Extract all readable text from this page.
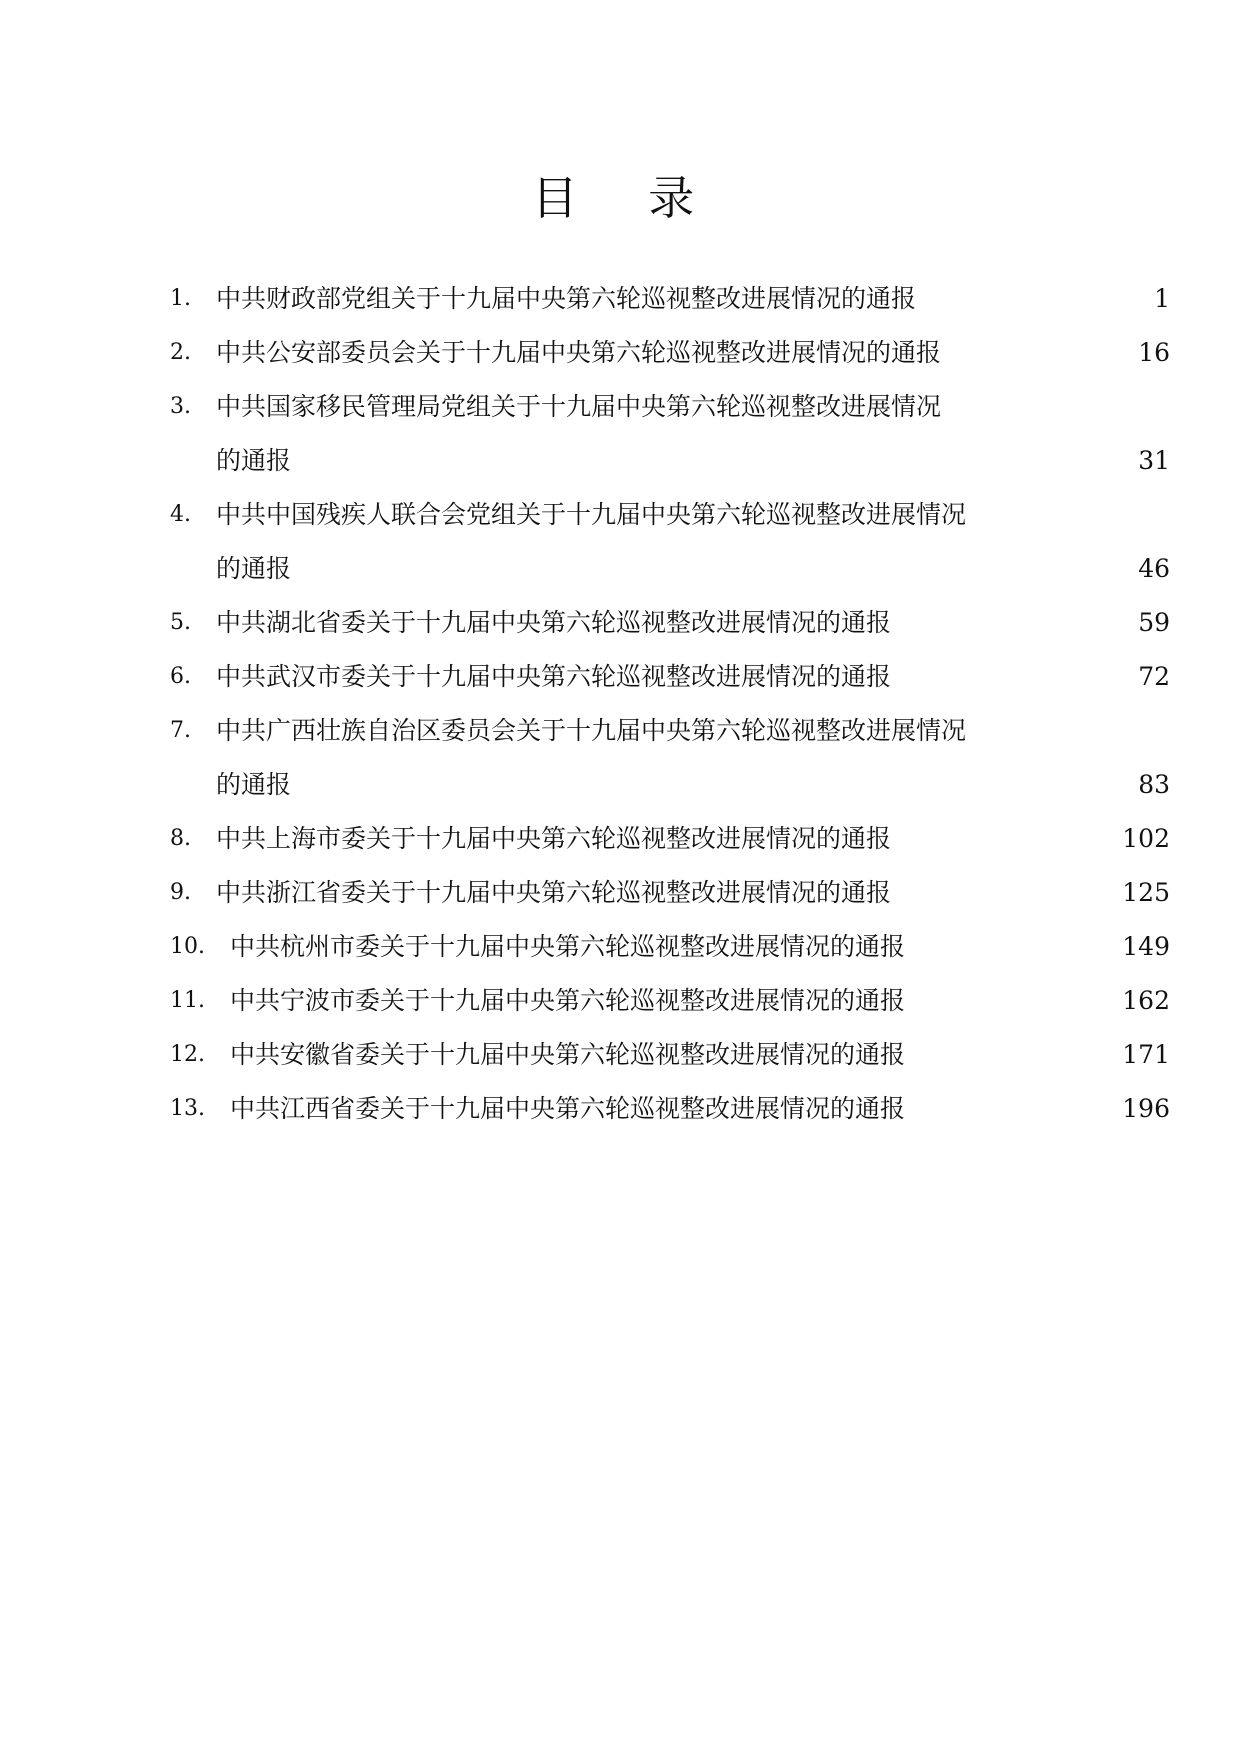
目 录
1. 中共财政部党组关于十九届中央第六轮巡视整改进展情况的通报	1
2. 中共公安部委员会关于十九届中央第六轮巡视整改进展情况的通报	16
3. 中共国家移民管理局党组关于十九届中央第六轮巡视整改进展情况
的通报	31
4. 中共中国残疾人联合会党组关于十九届中央第六轮巡视整改进展情况
的通报	46
5. 中共湖北省委关于十九届中央第六轮巡视整改进展情况的通报	59
6. 中共武汉市委关于十九届中央第六轮巡视整改进展情况的通报	72
7. 中共广西壮族自治区委员会关于十九届中央第六轮巡视整改进展情况
的通报	83
8. 中共上海市委关于十九届中央第六轮巡视整改进展情况的通报	102
9. 中共浙江省委关于十九届中央第六轮巡视整改进展情况的通报	125
10. 中共杭州市委关于十九届中央第六轮巡视整改进展情况的通报	149
11. 中共宁波市委关于十九届中央第六轮巡视整改进展情况的通报	162
12. 中共安徽省委关于十九届中央第六轮巡视整改进展情况的通报	171
13. 中共江西省委关于十九届中央第六轮巡视整改进展情况的通报	196
